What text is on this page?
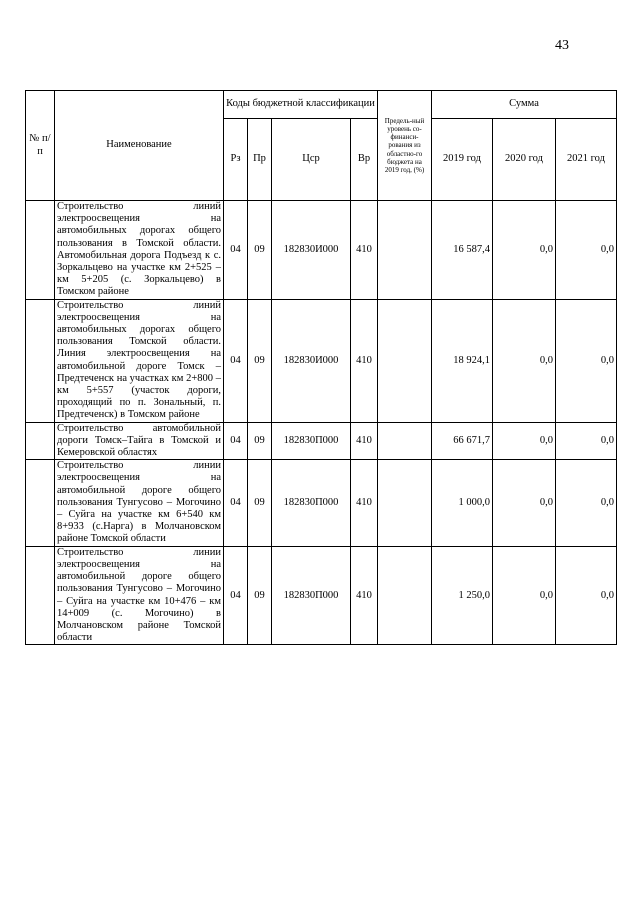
43
№ п/п	Наименование	Коды бюджетной классификации				Предель-ный уровень со-финанси-рования из областно-го бюджета на 2019 год, (%)	Сумма		
		Рз	Пр	Цср	Вр		2019 год	2020 год	2021 год
	Строительство линий электроосвещения на автомобильных дорогах общего пользования в Томской области. Автомобильная дорога Подъезд к с. Зоркальцево на участке км 2+525 – км 5+205 (с. Зоркальцево) в Томском районе	04	09	182830И000	410		16 587,4	0,0	0,0
	Строительство линий электроосвещения на автомобильных дорогах общего пользования Томской области. Линия электроосвещения на автомобильной дороге Томск – Предтеченск на участках км 2+800 – км 5+557 (участок дороги, проходящий по п. Зональный, п. Предтеченск) в Томском районе	04	09	182830И000	410		18 924,1	0,0	0,0
	Строительство автомобильной дороги Томск–Тайга в Томской и Кемеровской областях	04	09	182830П000	410		66 671,7	0,0	0,0
	Строительство линии электроосвещения на автомобильной дороге общего пользования Тунгусово – Могочино – Суйга на участке км 6+540 км 8+933 (с.Нарга) в Молчановском районе Томской области	04	09	182830П000	410		1 000,0	0,0	0,0
	Строительство линии электроосвещения на автомобильной дороге общего пользования Тунгусово – Могочино – Суйга на участке км 10+476 – км 14+009 (с. Могочино) в Молчановском районе Томской области	04	09	182830П000	410		1 250,0	0,0	0,0
